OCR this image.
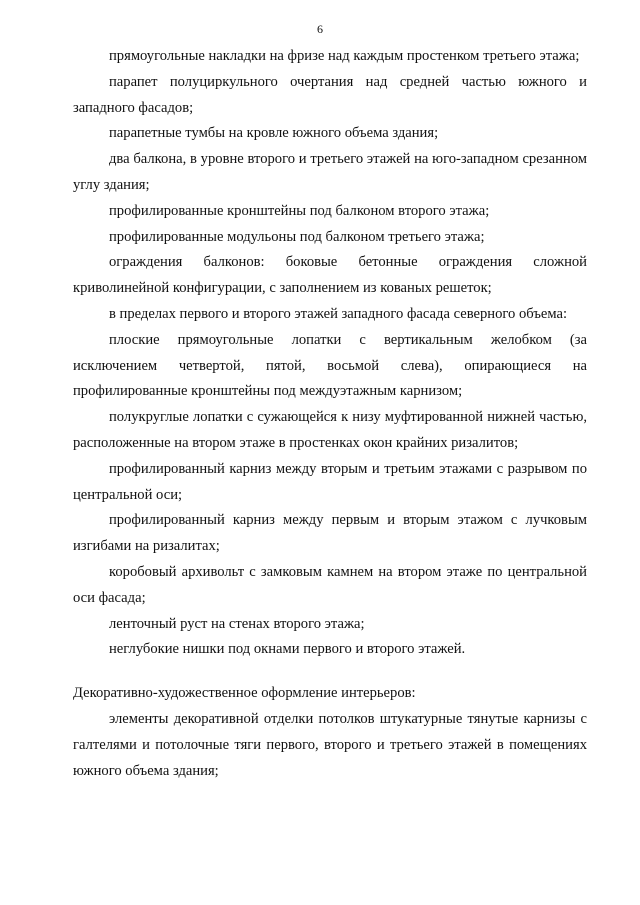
6

прямоугольные накладки на фризе над каждым простенком третьего этажа;

парапет полуциркульного очертания над средней частью южного и западного фасадов;

парапетные тумбы на кровле южного объема здания;

два балкона, в уровне второго и третьего этажей на юго-западном срезанном углу здания;

профилированные кронштейны под балконом второго этажа;

профилированные модульоны под балконом третьего этажа;

ограждения балконов: боковые бетонные ограждения сложной криволинейной конфигурации, с заполнением из кованых решеток;

в пределах первого и второго этажей западного фасада северного объема:

плоские прямоугольные лопатки с вертикальным желобком (за исключением четвертой, пятой, восьмой слева), опирающиеся на профилированные кронштейны под междуэтажным карнизом;

полукруглые лопатки с сужающейся к низу муфтированной нижней частью, расположенные на втором этаже в простенках окон крайних ризалитов;

профилированный карниз между вторым и третьим этажами с разрывом по центральной оси;

профилированный карниз между первым и вторым этажом с лучковым изгибами на ризалитах;

коробовый архивольт с замковым камнем на втором этаже по центральной оси фасада;

ленточный руст на стенах второго этажа;

неглубокие нишки под окнами первого и второго этажей.

Декоративно-художественное оформление интерьеров:

элементы декоративной отделки потолков штукатурные тянутые карнизы с галтелями и потолочные тяги первого, второго и третьего этажей в помещениях южного объема здания;
